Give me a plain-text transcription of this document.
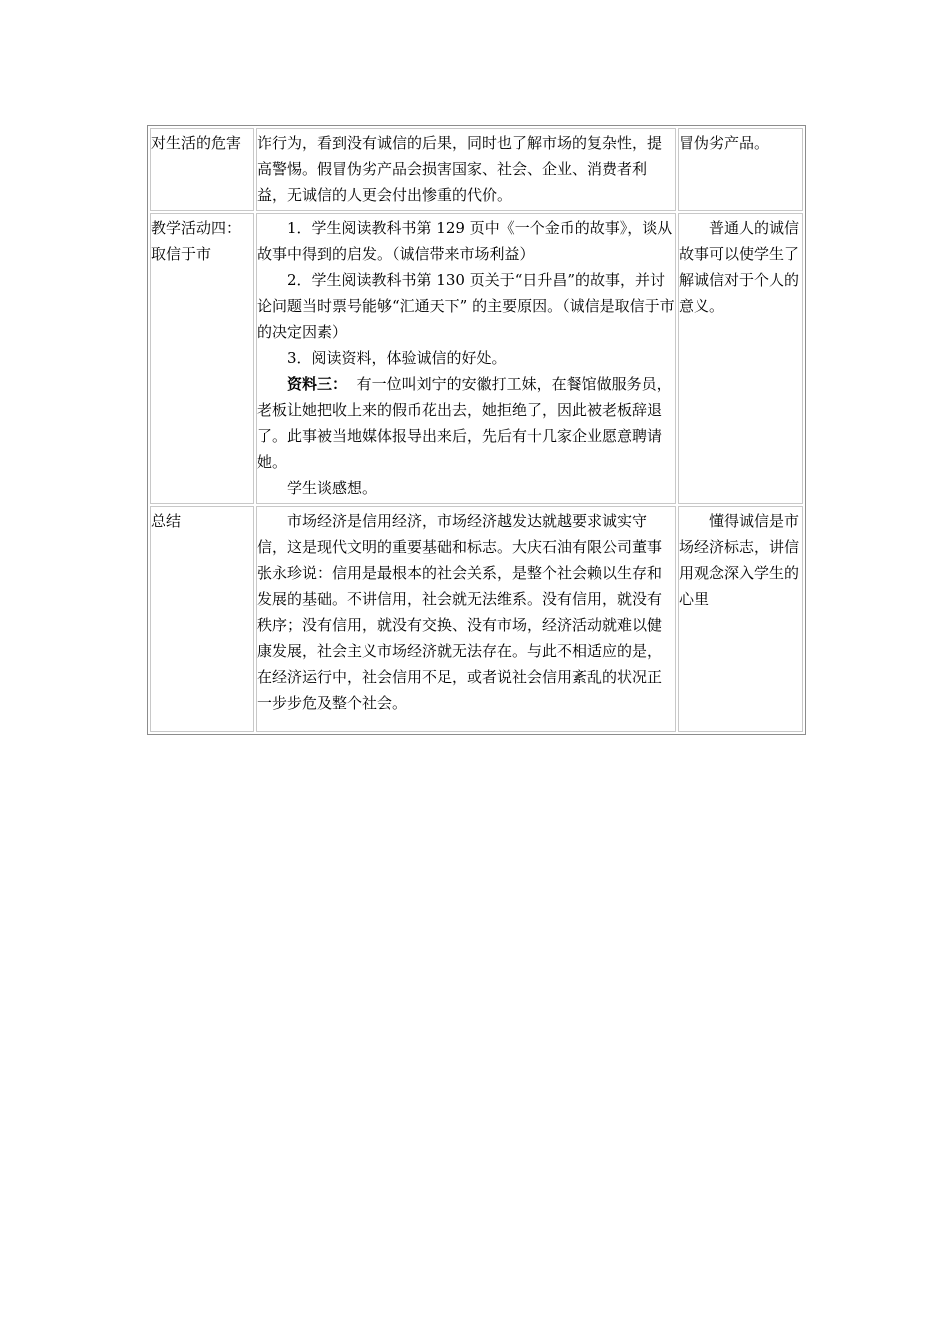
对生活的危害	诈行为，看到没有诚信的后果，同时也了解市场的复杂性，提高警惕。假冒伪劣产品会损害国家、社会、企业、消费者利益，无诚信的人更会付出惨重的代价。	冒伪劣产品。

教学活动四：取信于市	1．学生阅读教科书第 129 页中《一个金币的故事》，谈从故事中得到的启发。（诚信带来市场利益）

2．学生阅读教科书第 130 页关于“日升昌”的故事，并讨论问题当时票号能够“汇通天下” 的主要原因。（诚信是取信于市的决定因素）

3．阅读资料，体验诚信的好处。

资料三： 有一位叫刘宁的安徽打工妹，在餐馆做服务员，老板让她把收上来的假币花出去，她拒绝了，因此被老板辞退了。此事被当地媒体报导出来后，先后有十几家企业愿意聘请她。

学生谈感想。	普通人的诚信故事可以使学生了解诚信对于个人的意义。

总结	市场经济是信用经济，市场经济越发达就越要求诚实守信，这是现代文明的重要基础和标志。大庆石油有限公司董事张永珍说：信用是最根本的社会关系，是整个社会赖以生存和发展的基础。不讲信用，社会就无法维系。没有信用，就没有秩序；没有信用，就没有交换、没有市场，经济活动就难以健康发展，社会主义市场经济就无法存在。与此不相适应的是，在经济运行中，社会信用不足，或者说社会信用紊乱的状况正一步步危及整个社会。	懂得诚信是市场经济标志，讲信用观念深入学生的心里
